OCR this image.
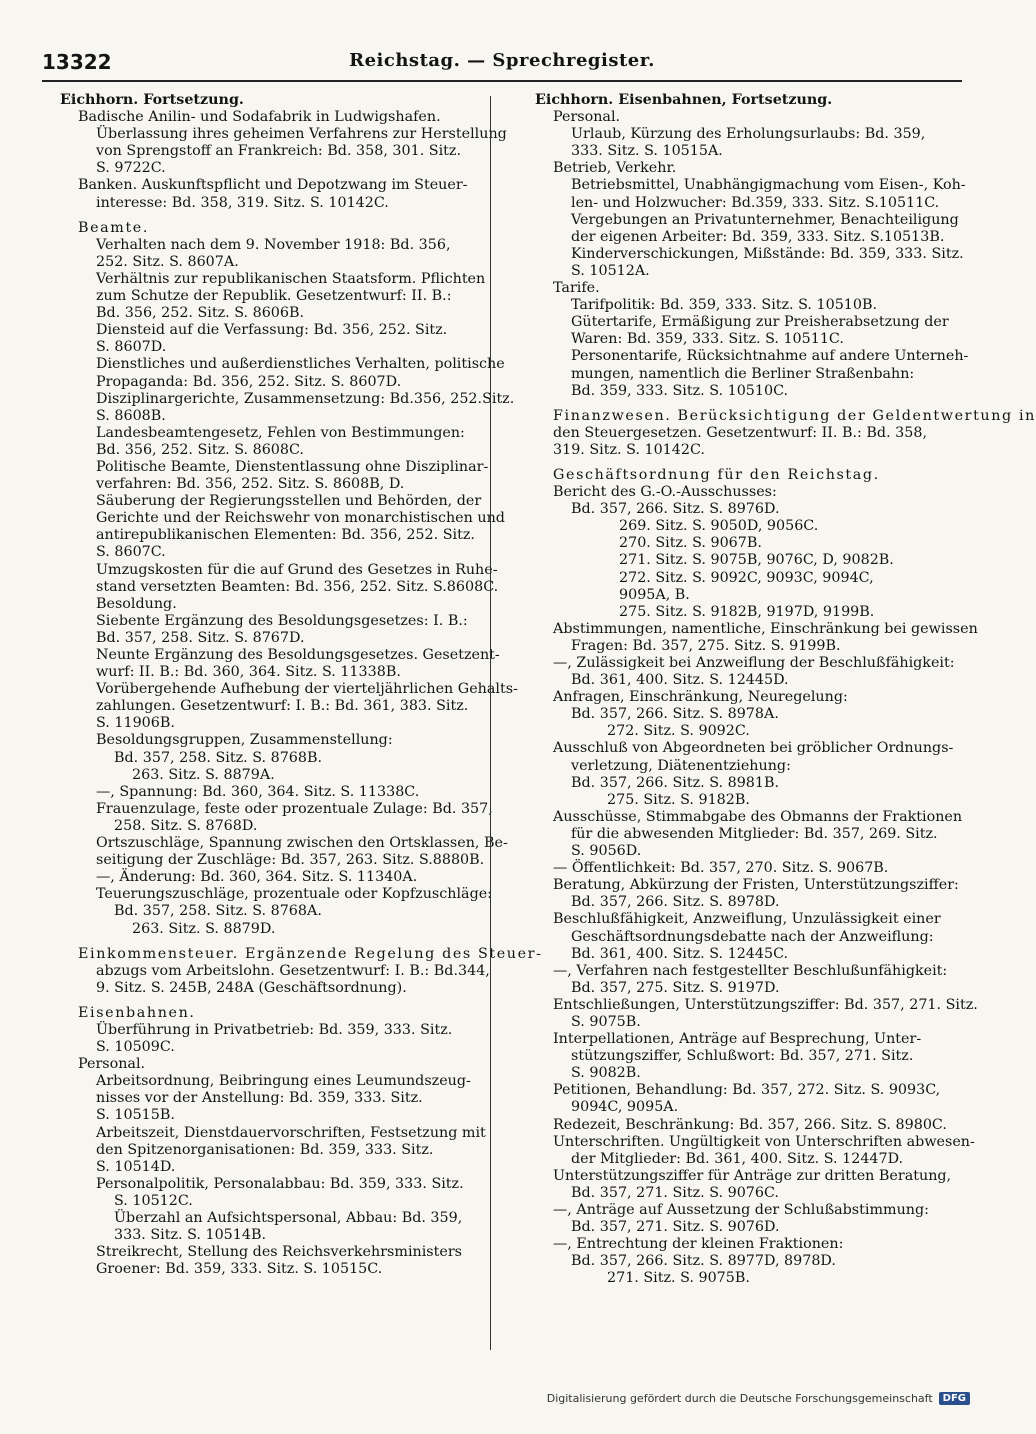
13322	Reichstag. — Sprechregister.
Eichhorn. Fortsetzung.
Badische Anilin- und Sodafabrik in Ludwigshafen.
Überlassung ihres geheimen Verfahrens zur Herstellung
von Sprengstoff an Frankreich: Bd. 358, 301. Sitz.
S. 9722C.
Banken. Auskunftspflicht und Depotzwang im Steuer-
interesse: Bd. 358, 319. Sitz. S. 10142C.
Beamte.
Verhalten nach dem 9. November 1918: Bd. 356,
252. Sitz. S. 8607A.
Verhältnis zur republikanischen Staatsform. Pflichten
zum Schutze der Republik. Gesetzentwurf: II. B.:
Bd. 356, 252. Sitz. S. 8606B.
Diensteid auf die Verfassung: Bd. 356, 252. Sitz.
S. 8607D.
Dienstliches und außerdienstliches Verhalten, politische
Propaganda: Bd. 356, 252. Sitz. S. 8607D.
Disziplinargerichte, Zusammensetzung: Bd.356, 252.Sitz.
S. 8608B.
Landesbeamtengesetz, Fehlen von Bestimmungen:
Bd. 356, 252. Sitz. S. 8608C.
Politische Beamte, Dienstentlassung ohne Disziplinar-
verfahren: Bd. 356, 252. Sitz. S. 8608B, D.
Säuberung der Regierungsstellen und Behörden, der
Gerichte und der Reichswehr von monarchistischen und
antirepublikanischen Elementen: Bd. 356, 252. Sitz.
S. 8607C.
Umzugskosten für die auf Grund des Gesetzes in Ruhe-
stand versetzten Beamten: Bd. 356, 252. Sitz. S.8608C.
Besoldung.
Siebente Ergänzung des Besoldungsgesetzes: I. B.:
Bd. 357, 258. Sitz. S. 8767D.
Neunte Ergänzung des Besoldungsgesetzes. Gesetzent-
wurf: II. B.: Bd. 360, 364. Sitz. S. 11338B.
Vorübergehende Aufhebung der vierteljährlichen Gehalts-
zahlungen. Gesetzentwurf: I. B.: Bd. 361, 383. Sitz.
S. 11906B.
Besoldungsgruppen, Zusammenstellung:
Bd. 357, 258. Sitz. S. 8768B.
263. Sitz. S. 8879A.
—, Spannung: Bd. 360, 364. Sitz. S. 11338C.
Frauenzulage, feste oder prozentuale Zulage: Bd. 357,
258. Sitz. S. 8768D.
Ortszuschläge, Spannung zwischen den Ortsklassen, Be-
seitigung der Zuschläge: Bd. 357, 263. Sitz. S.8880B.
—, Änderung: Bd. 360, 364. Sitz. S. 11340A.
Teuerungszuschläge, prozentuale oder Kopfzuschläge:
Bd. 357, 258. Sitz. S. 8768A.
263. Sitz. S. 8879D.
Einkommensteuer. Ergänzende Regelung des Steuer-
abzugs vom Arbeitslohn. Gesetzentwurf: I. B.: Bd.344,
9. Sitz. S. 245B, 248A (Geschäftsordnung).
Eisenbahnen.
Überführung in Privatbetrieb: Bd. 359, 333. Sitz.
S. 10509C.
Personal.
Arbeitsordnung, Beibringung eines Leumundszeug-
nisses vor der Anstellung: Bd. 359, 333. Sitz.
S. 10515B.
Arbeitszeit, Dienstdauervorschriften, Festsetzung mit
den Spitzenorganisationen: Bd. 359, 333. Sitz.
S. 10514D.
Personalpolitik, Personalabbau: Bd. 359, 333. Sitz.
S. 10512C.
Überzahl an Aufsichtspersonal, Abbau: Bd. 359,
333. Sitz. S. 10514B.
Streikrecht, Stellung des Reichsverkehrsministers
Groener: Bd. 359, 333. Sitz. S. 10515C.
Eichhorn. Eisenbahnen, Fortsetzung.
Personal.
Urlaub, Kürzung des Erholungsurlaubs: Bd. 359,
333. Sitz. S. 10515A.
Betrieb, Verkehr.
Betriebsmittel, Unabhängigmachung vom Eisen-, Koh-
len- und Holzwucher: Bd.359, 333. Sitz. S.10511C.
Vergebungen an Privatunternehmer, Benachteiligung
der eigenen Arbeiter: Bd. 359, 333. Sitz. S.10513B.
Kinderverschickungen, Mißstände: Bd. 359, 333. Sitz.
S. 10512A.
Tarife.
Tarifpolitik: Bd. 359, 333. Sitz. S. 10510B.
Gütertarife, Ermäßigung zur Preisherabsetzung der
Waren: Bd. 359, 333. Sitz. S. 10511C.
Personentarife, Rücksichtnahme auf andere Unterneh-
mungen, namentlich die Berliner Straßenbahn:
Bd. 359, 333. Sitz. S. 10510C.
Finanzwesen. Berücksichtigung der Geldentwertung in
den Steuergesetzen. Gesetzentwurf: II. B.: Bd. 358,
319. Sitz. S. 10142C.
Geschäftsordnung für den Reichstag.
Bericht des G.-O.-Ausschusses:
Bd. 357, 266. Sitz. S. 8976D.
269. Sitz. S. 9050D, 9056C.
270. Sitz. S. 9067B.
271. Sitz. S. 9075B, 9076C, D, 9082B.
272. Sitz. S. 9092C, 9093C, 9094C,
9095A, B.
275. Sitz. S. 9182B, 9197D, 9199B.
Abstimmungen, namentliche, Einschränkung bei gewissen
Fragen: Bd. 357, 275. Sitz. S. 9199B.
—, Zulässigkeit bei Anzweiflung der Beschlußfähigkeit:
Bd. 361, 400. Sitz. S. 12445D.
Anfragen, Einschränkung, Neuregelung:
Bd. 357, 266. Sitz. S. 8978A.
272. Sitz. S. 9092C.
Ausschluß von Abgeordneten bei gröblicher Ordnungs-
verletzung, Diätenentziehung:
Bd. 357, 266. Sitz. S. 8981B.
275. Sitz. S. 9182B.
Ausschüsse, Stimmabgabe des Obmanns der Fraktionen
für die abwesenden Mitglieder: Bd. 357, 269. Sitz.
S. 9056D.
— Öffentlichkeit: Bd. 357, 270. Sitz. S. 9067B.
Beratung, Abkürzung der Fristen, Unterstützungsziffer:
Bd. 357, 266. Sitz. S. 8978D.
Beschlußfähigkeit, Anzweiflung, Unzulässigkeit einer
Geschäftsordnungsdebatte nach der Anzweiflung:
Bd. 361, 400. Sitz. S. 12445C.
—, Verfahren nach festgestellter Beschlußunfähigkeit:
Bd. 357, 275. Sitz. S. 9197D.
Entschließungen, Unterstützungsziffer: Bd. 357, 271. Sitz.
S. 9075B.
Interpellationen, Anträge auf Besprechung, Unter-
stützungsziffer, Schlußwort: Bd. 357, 271. Sitz.
S. 9082B.
Petitionen, Behandlung: Bd. 357, 272. Sitz. S. 9093C,
9094C, 9095A.
Redezeit, Beschränkung: Bd. 357, 266. Sitz. S. 8980C.
Unterschriften. Ungültigkeit von Unterschriften abwesen-
der Mitglieder: Bd. 361, 400. Sitz. S. 12447D.
Unterstützungsziffer für Anträge zur dritten Beratung,
Bd. 357, 271. Sitz. S. 9076C.
—, Anträge auf Aussetzung der Schlußabstimmung:
Bd. 357, 271. Sitz. S. 9076D.
—, Entrechtung der kleinen Fraktionen:
Bd. 357, 266. Sitz. S. 8977D, 8978D.
271. Sitz. S. 9075B.
Digitalisierung gefördert durch die Deutsche Forschungsgemeinschaft	DFG
